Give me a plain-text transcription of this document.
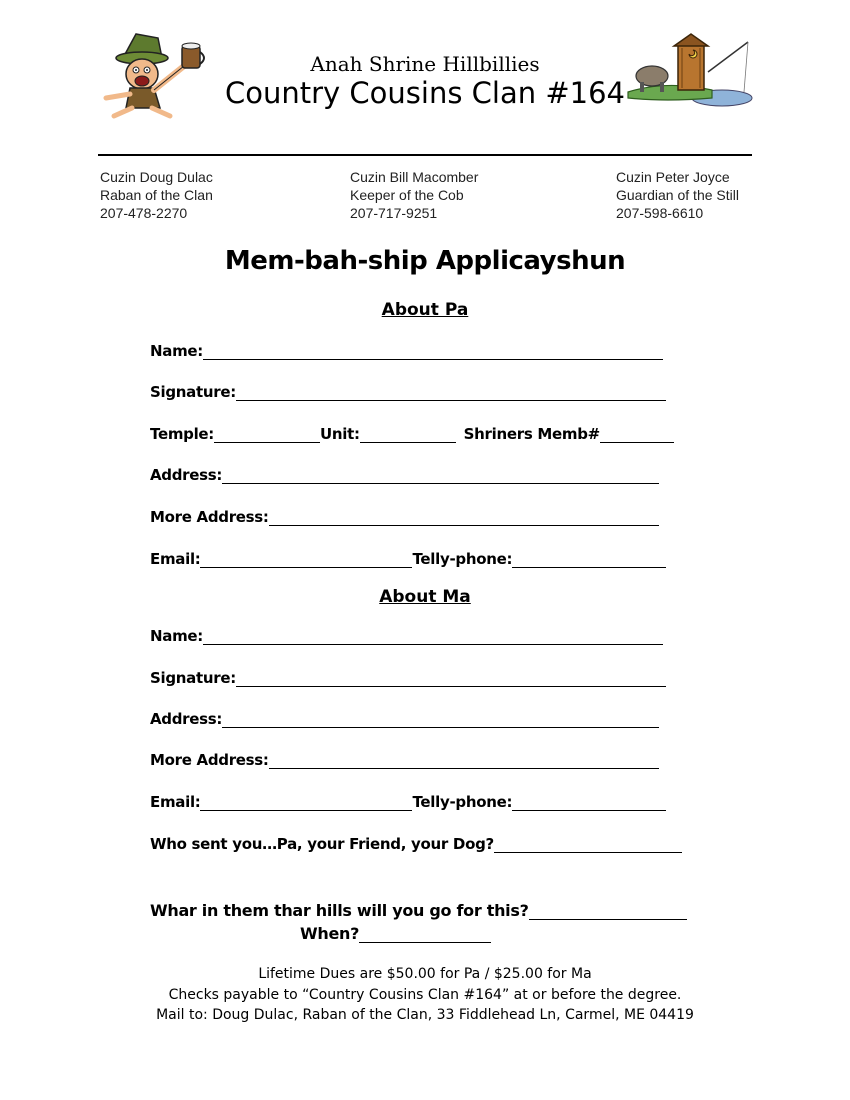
Anah Shrine Hillbillies
Country Cousins Clan #164
Cuzin Doug Dulac
Raban of the Clan
207-478-2270
Cuzin Bill Macomber
Keeper of the Cob
207-717-9251
Cuzin Peter Joyce
Guardian of the Still
207-598-6610
Mem-bah-ship Applicayshun
About Pa
Name:
Signature:
Temple:	Unit:	Shriners Memb#
Address:
More Address:
Email:	Telly-phone:
About Ma
Name:
Signature:
Address:
More Address:
Email:	Telly-phone:
Who sent you…Pa, your Friend, your Dog?
Whar in them thar hills will you go for this?
When?
Lifetime Dues are $50.00 for Pa / $25.00 for Ma
Checks payable to “Country Cousins Clan #164” at or before the degree.
Mail to: Doug Dulac, Raban of the Clan, 33 Fiddlehead Ln, Carmel, ME 04419
